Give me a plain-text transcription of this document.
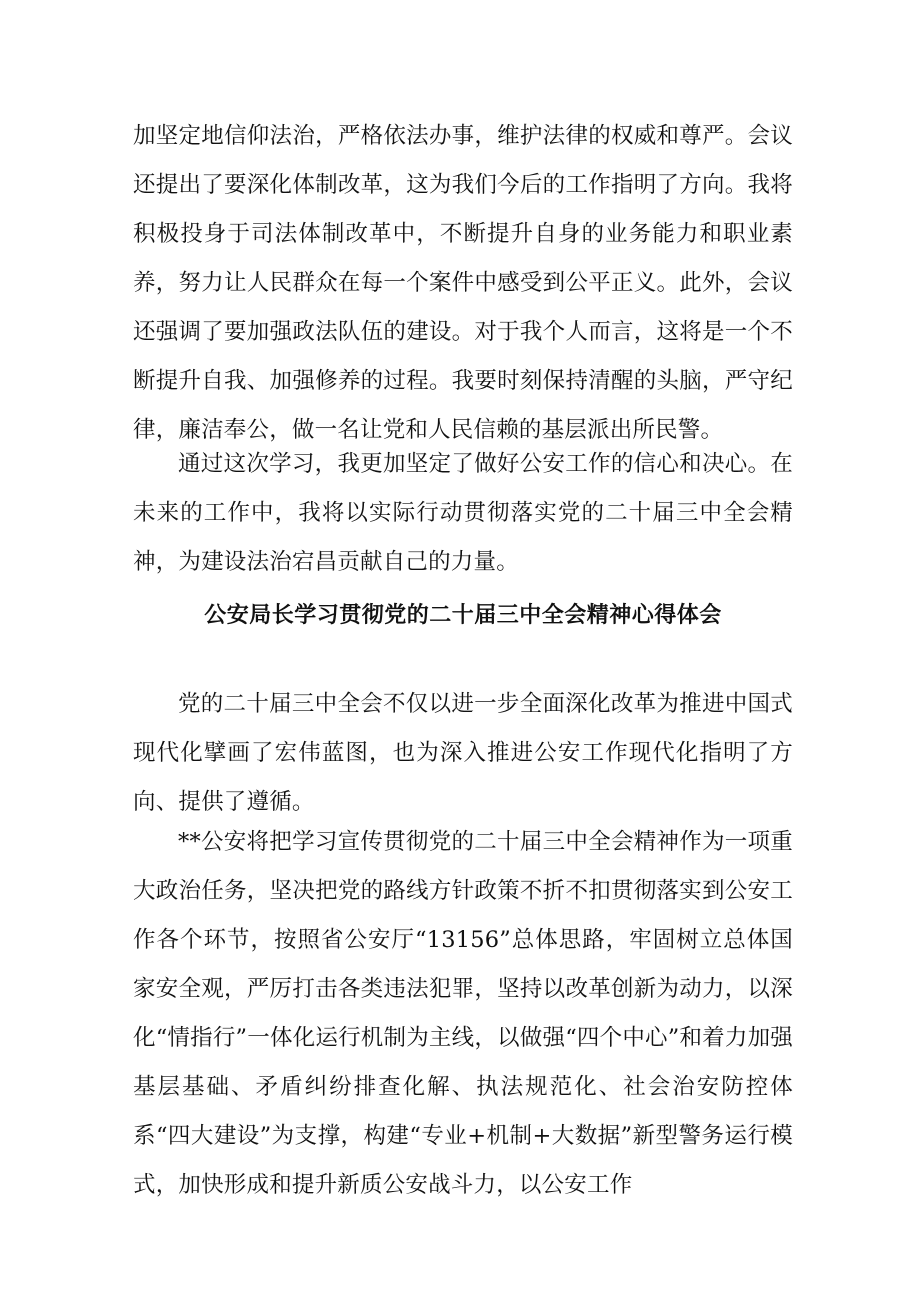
加坚定地信仰法治，严格依法办事，维护法律的权威和尊严。会议还提出了要深化体制改革，这为我们今后的工作指明了方向。我将积极投身于司法体制改革中，不断提升自身的业务能力和职业素养，努力让人民群众在每一个案件中感受到公平正义。此外，会议还强调了要加强政法队伍的建设。对于我个人而言，这将是一个不断提升自我、加强修养的过程。我要时刻保持清醒的头脑，严守纪律，廉洁奉公，做一名让党和人民信赖的基层派出所民警。

通过这次学习，我更加坚定了做好公安工作的信心和决心。在未来的工作中，我将以实际行动贯彻落实党的二十届三中全会精神，为建设法治宕昌贡献自己的力量。

公安局长学习贯彻党的二十届三中全会精神心得体会

党的二十届三中全会不仅以进一步全面深化改革为推进中国式现代化擘画了宏伟蓝图，也为深入推进公安工作现代化指明了方向、提供了遵循。

**公安将把学习宣传贯彻党的二十届三中全会精神作为一项重大政治任务，坚决把党的路线方针政策不折不扣贯彻落实到公安工作各个环节，按照省公安厅“13156”总体思路，牢固树立总体国家安全观，严厉打击各类违法犯罪，坚持以改革创新为动力，以深化“情指行”一体化运行机制为主线，以做强“四个中心”和着力加强基层基础、矛盾纠纷排查化解、执法规范化、社会治安防控体系“四大建设”为支撑，构建“专业+机制+大数据”新型警务运行模式，加快形成和提升新质公安战斗力，以公安工作
